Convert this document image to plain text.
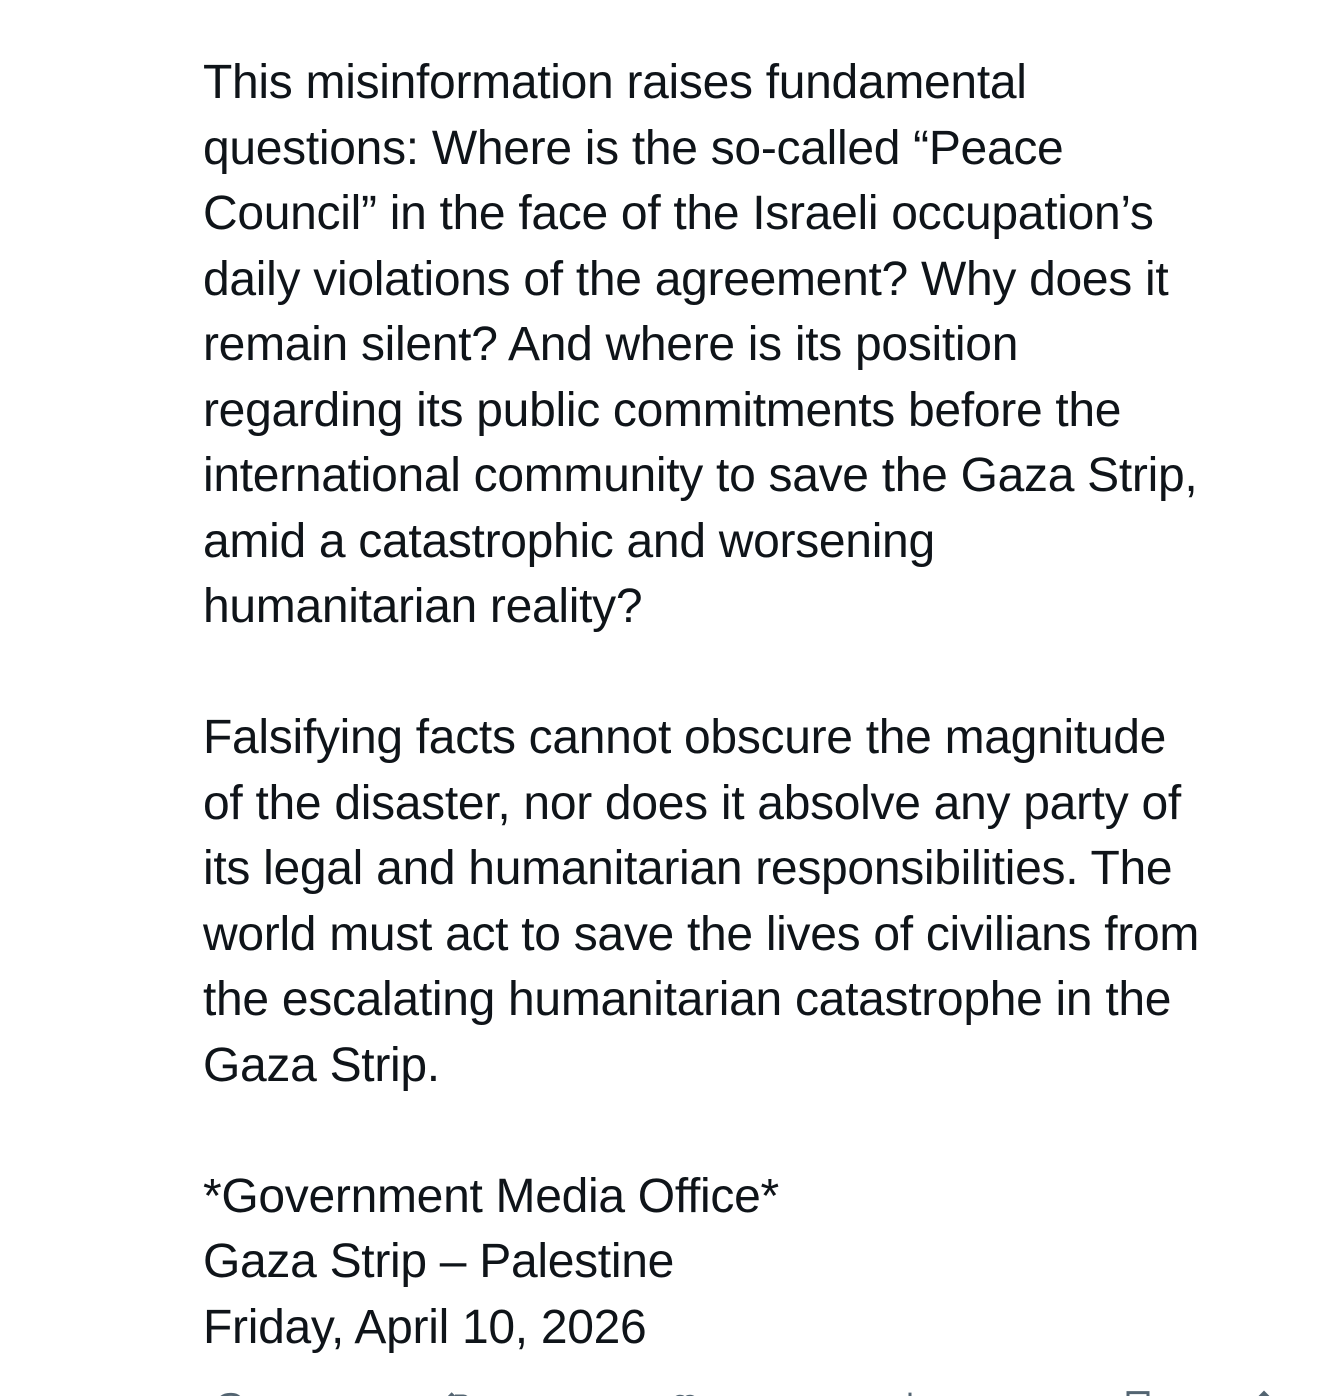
This misinformation raises fundamental
questions: Where is the so-called “Peace
Council” in the face of the Israeli occupation’s
daily violations of the agreement? Why does it
remain silent? And where is its position
regarding its public commitments before the
international community to save the Gaza Strip,
amid a catastrophic and worsening
humanitarian reality?

Falsifying facts cannot obscure the magnitude
of the disaster, nor does it absolve any party of
its legal and humanitarian responsibilities. The
world must act to save the lives of civilians from
the escalating humanitarian catastrophe in the
Gaza Strip.

*Government Media Office*
Gaza Strip – Palestine
Friday, April 10, 2026
